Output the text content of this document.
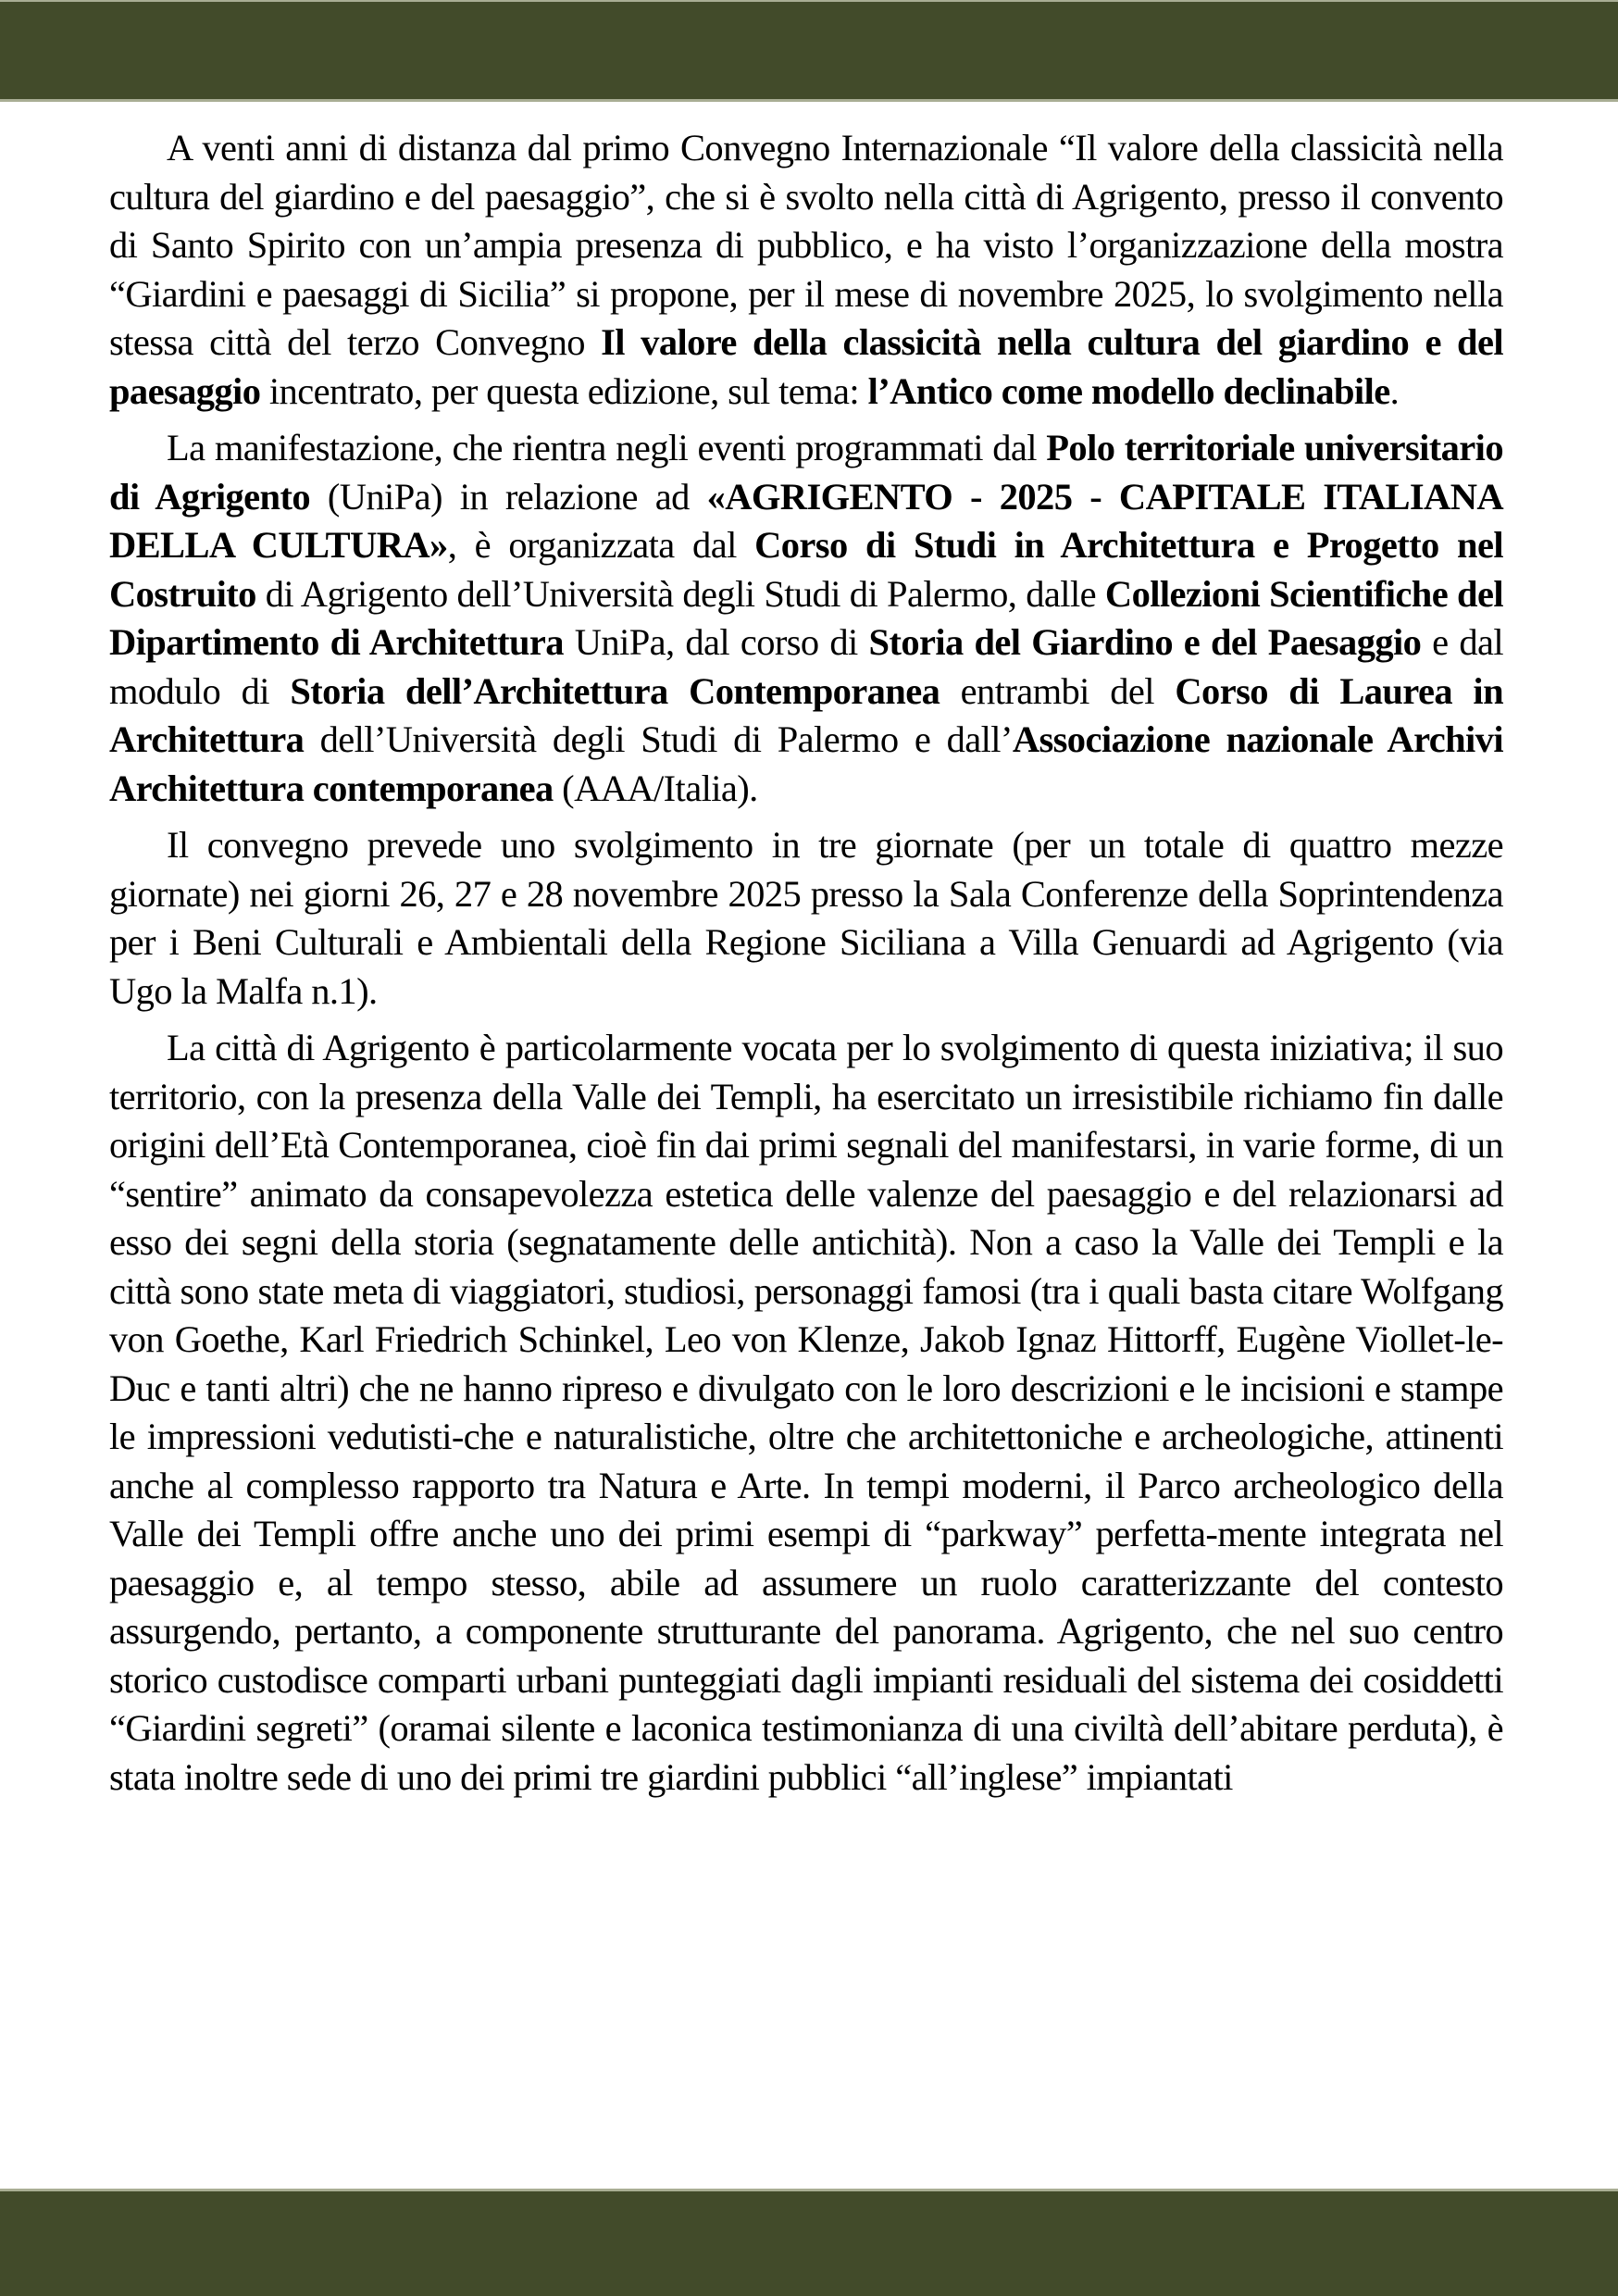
A venti anni di distanza dal primo Convegno Internazionale “Il valore della classicità nella cultura del giardino e del paesaggio”, che si è svolto nella città di Agrigento, presso il convento di Santo Spirito con un’ampia presenza di pubblico, e ha visto l’organizzazione della mostra “Giardini e paesaggi di Sicilia” si propone, per il mese di novembre 2025, lo svolgimento nella stessa città del terzo Convegno Il valore della classicità nella cultura del giardino e del paesaggio incentrato, per questa edizione, sul tema: l’Antico come modello declinabile.

La manifestazione, che rientra negli eventi programmati dal Polo territoriale universitario di Agrigento (UniPa) in relazione ad «AGRIGENTO - 2025 - CAPITALE ITALIANA DELLA CULTURA», è organizzata dal Corso di Studi in Architettura e Progetto nel Costruito di Agrigento dell’Università degli Studi di Palermo, dalle Collezioni Scientifiche del Dipartimento di Architettura UniPa, dal corso di Storia del Giardino e del Paesaggio e dal modulo di Storia dell’Architettura Contemporanea entrambi del Corso di Laurea in Architettura dell’Università degli Studi di Palermo e dall’Associazione nazionale Archivi Architettura contemporanea (AAA/Italia).

Il convegno prevede uno svolgimento in tre giornate (per un totale di quattro mezze giornate) nei giorni 26, 27 e 28 novembre 2025 presso la Sala Conferenze della Soprintendenza per i Beni Culturali e Ambientali della Regione Siciliana a Villa Genuardi ad Agrigento (via Ugo la Malfa n.1).

La città di Agrigento è particolarmente vocata per lo svolgimento di questa iniziativa; il suo territorio, con la presenza della Valle dei Templi, ha esercitato un irresistibile richiamo fin dalle origini dell’Età Contemporanea, cioè fin dai primi segnali del manifestarsi, in varie forme, di un “sentire” animato da consapevolezza estetica delle valenze del paesaggio e del relazionarsi ad esso dei segni della storia (segnatamente delle antichità). Non a caso la Valle dei Templi e la città sono state meta di viaggiatori, studiosi, personaggi famosi (tra i quali basta citare Wolfgang von Goethe, Karl Friedrich Schinkel, Leo von Klenze, Jakob Ignaz Hittorff, Eugène Viollet-le-Duc e tanti altri) che ne hanno ripreso e divulgato con le loro descrizioni e le incisioni e stampe le impressioni vedutisti-che e naturalistiche, oltre che architettoniche e archeologiche, attinenti anche al complesso rapporto tra Natura e Arte. In tempi moderni, il Parco archeologico della Valle dei Templi offre anche uno dei primi esempi di “parkway” perfetta-mente integrata nel paesaggio e, al tempo stesso, abile ad assumere un ruolo caratterizzante del contesto assurgendo, pertanto, a componente strutturante del panorama. Agrigento, che nel suo centro storico custodisce comparti urbani punteggiati dagli impianti residuali del sistema dei cosiddetti “Giardini segreti” (oramai silente e laconica testimonianza di una civiltà dell’abitare perduta), è stata inoltre sede di uno dei primi tre giardini pubblici “all’inglese” impiantati
